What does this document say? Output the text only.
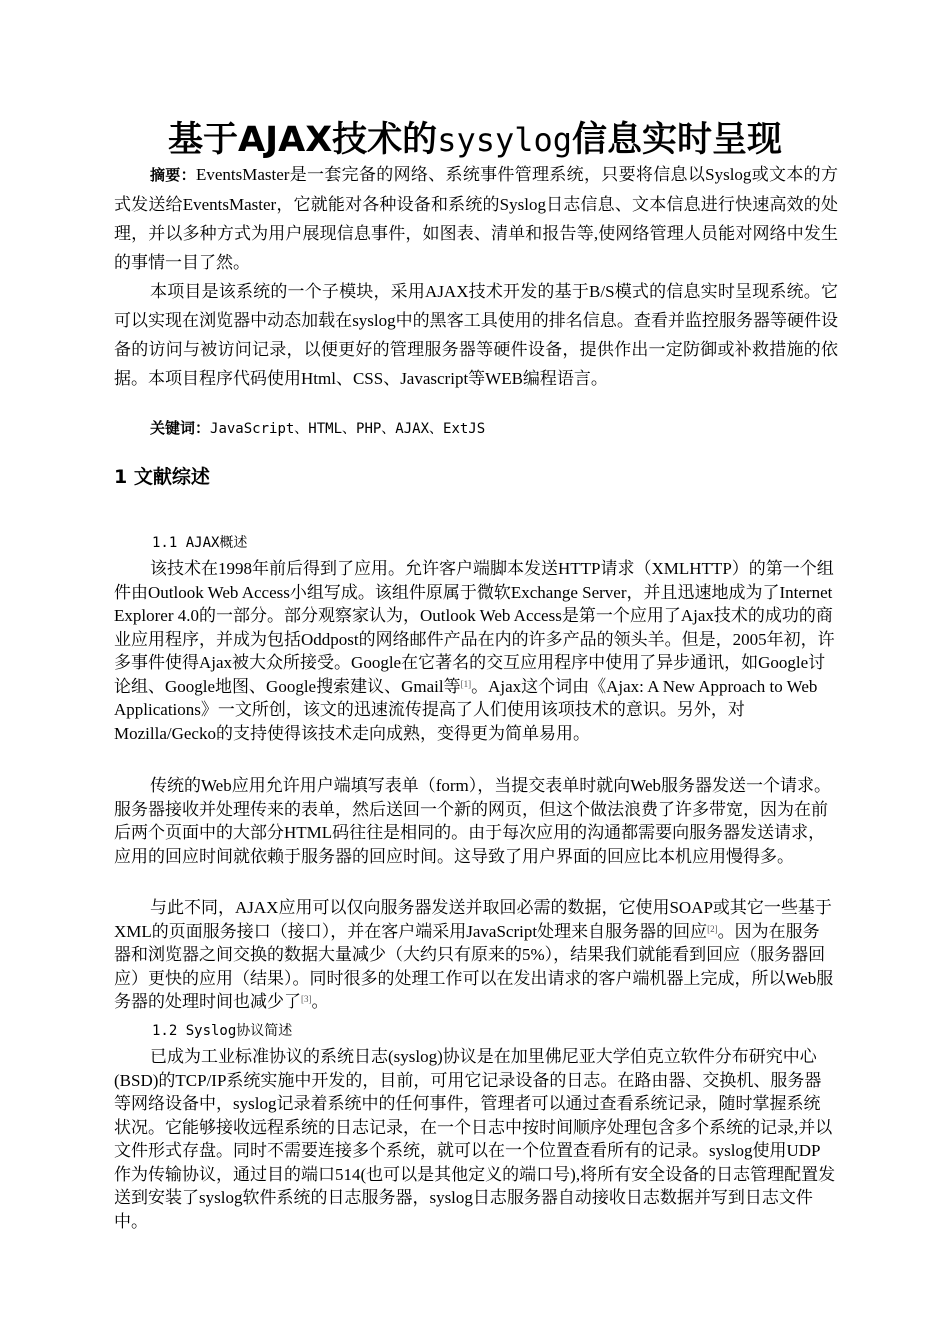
基于AJAX技术的sysylog信息实时呈现

摘要：EventsMaster是一套完备的网络、系统事件管理系统，只要将信息以Syslog或文本的方式发送给EventsMaster，它就能对各种设备和系统的Syslog日志信息、文本信息进行快速高效的处理，并以多种方式为用户展现信息事件，如图表、清单和报告等,使网络管理人员能对网络中发生的事情一目了然。

本项目是该系统的一个子模块，采用AJAX技术开发的基于B/S模式的信息实时呈现系统。它可以实现在浏览器中动态加载在syslog中的黑客工具使用的排名信息。查看并监控服务器等硬件设备的访问与被访问记录，以便更好的管理服务器等硬件设备，提供作出一定防御或补救措施的依据。本项目程序代码使用Html、CSS、Javascript等WEB编程语言。

关键词：JavaScript、HTML、PHP、AJAX、ExtJS
1 文献综述
1.1 AJAX概述

该技术在1998年前后得到了应用。允许客户端脚本发送HTTP请求（XMLHTTP）的第一个组件由Outlook Web Access小组写成。该组件原属于微软Exchange Server，并且迅速地成为了Internet Explorer 4.0的一部分。部分观察家认为，Outlook Web Access是第一个应用了Ajax技术的成功的商业应用程序，并成为包括Oddpost的网络邮件产品在内的许多产品的领头羊。但是，2005年初，许多事件使得Ajax被大众所接受。Google在它著名的交互应用程序中使用了异步通讯，如Google讨论组、Google地图、Google搜索建议、Gmail等[1]。Ajax这个词由《Ajax: A New Approach to Web Applications》一文所创，该文的迅速流传提高了人们使用该项技术的意识。另外，对Mozilla/Gecko的支持使得该技术走向成熟，变得更为简单易用。

传统的Web应用允许用户端填写表单（form），当提交表单时就向Web服务器发送一个请求。服务器接收并处理传来的表单，然后送回一个新的网页，但这个做法浪费了许多带宽，因为在前后两个页面中的大部分HTML码往往是相同的。由于每次应用的沟通都需要向服务器发送请求，应用的回应时间就依赖于服务器的回应时间。这导致了用户界面的回应比本机应用慢得多。

与此不同，AJAX应用可以仅向服务器发送并取回必需的数据，它使用SOAP或其它一些基于XML的页面服务接口（接口），并在客户端采用JavaScript处理来自服务器的回应[2]。因为在服务器和浏览器之间交换的数据大量减少（大约只有原来的5%），结果我们就能看到回应（服务器回应）更快的应用（结果）。同时很多的处理工作可以在发出请求的客户端机器上完成，所以Web服务器的处理时间也减少了[3]。

1.2 Syslog协议简述

已成为工业标准协议的系统日志(syslog)协议是在加里佛尼亚大学伯克立软件分布研究中心(BSD)的TCP/IP系统实施中开发的，目前，可用它记录设备的日志。在路由器、交换机、服务器等网络设备中，syslog记录着系统中的任何事件，管理者可以通过查看系统记录，随时掌握系统状况。它能够接收远程系统的日志记录，在一个日志中按时间顺序处理包含多个系统的记录,并以文件形式存盘。同时不需要连接多个系统，就可以在一个位置查看所有的记录。syslog使用UDP作为传输协议，通过目的端口514(也可以是其他定义的端口号),将所有安全设备的日志管理配置发送到安装了syslog软件系统的日志服务器，syslog日志服务器自动接收日志数据并写到日志文件中。
